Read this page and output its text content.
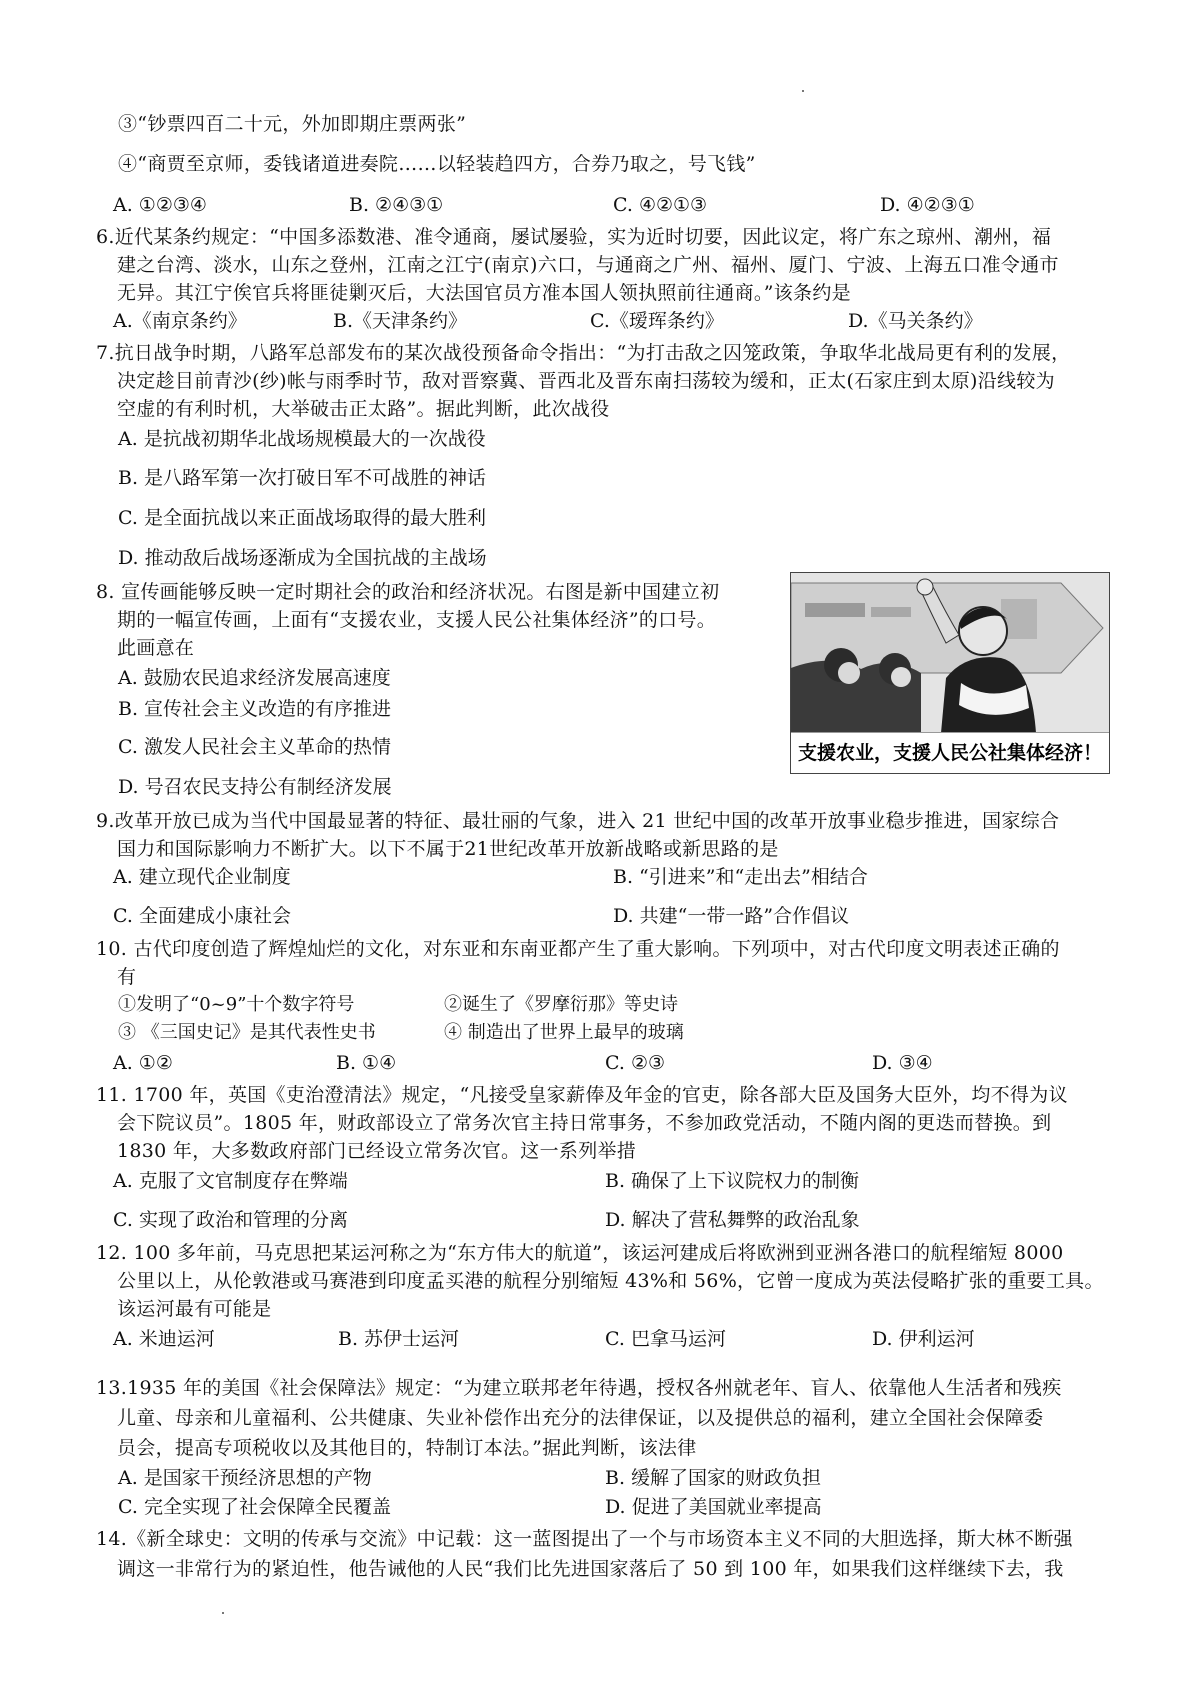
③“钞票四百二十元，外加即期庄票两张”
④“商贾至京师，委钱诸道进奏院……以轻装趋四方，合券乃取之，号飞钱”
A. ①②③④	B. ②④③①	C. ④②①③	D. ④②③①
6.近代某条约规定：“中国多添数港、准令通商，屡试屡验，实为近时切要，因此议定，将广东之琼州、潮州，福
建之台湾、淡水，山东之登州，江南之江宁(南京)六口，与通商之广州、福州、厦门、宁波、上海五口准令通市
无异。其江宁俟官兵将匪徒剿灭后，大法国官员方准本国人领执照前往通商。”该条约是
A.《南京条约》	B.《天津条约》	C.《瑷珲条约》	D.《马关条约》
7.抗日战争时期，八路军总部发布的某次战役预备命令指出：“为打击敌之囚笼政策，争取华北战局更有利的发展，
决定趁目前青沙(纱)帐与雨季时节，敌对晋察冀、晋西北及晋东南扫荡较为缓和，正太(石家庄到太原)沿线较为
空虚的有利时机，大举破击正太路”。据此判断，此次战役
A. 是抗战初期华北战场规模最大的一次战役
B. 是八路军第一次打破日军不可战胜的神话
C. 是全面抗战以来正面战场取得的最大胜利
D. 推动敌后战场逐渐成为全国抗战的主战场
8. 宣传画能够反映一定时期社会的政治和经济状况。右图是新中国建立初
期的一幅宣传画，上面有“支援农业，支援人民公社集体经济”的口号。
此画意在
A. 鼓励农民追求经济发展高速度
B. 宣传社会主义改造的有序推进
C. 激发人民社会主义革命的热情
D. 号召农民支持公有制经济发展
支援农业，支援人民公社集体经济！
9.改革开放已成为当代中国最显著的特征、最壮丽的气象，进入 21 世纪中国的改革开放事业稳步推进，国家综合
国力和国际影响力不断扩大。以下不属于21世纪改革开放新战略或新思路的是
A. 建立现代企业制度	B. “引进来”和“走出去”相结合
C. 全面建成小康社会	D. 共建“一带一路”合作倡议
10. 古代印度创造了辉煌灿烂的文化，对东亚和东南亚都产生了重大影响。下列项中，对古代印度文明表述正确的
有
①发明了“0~9”十个数字符号	②诞生了《罗摩衍那》等史诗
③ 《三国史记》是其代表性史书	④ 制造出了世界上最早的玻璃
A. ①②	B. ①④	C. ②③	D. ③④
11. 1700 年，英国《吏治澄清法》规定，“凡接受皇家薪俸及年金的官吏，除各部大臣及国务大臣外，均不得为议
会下院议员”。1805 年，财政部设立了常务次官主持日常事务，不参加政党活动，不随内阁的更迭而替换。到
1830 年，大多数政府部门已经设立常务次官。这一系列举措
A. 克服了文官制度存在弊端	B. 确保了上下议院权力的制衡
C. 实现了政治和管理的分离	D. 解决了营私舞弊的政治乱象
12. 100 多年前，马克思把某运河称之为“东方伟大的航道”，该运河建成后将欧洲到亚洲各港口的航程缩短 8000
公里以上，从伦敦港或马赛港到印度孟买港的航程分别缩短 43%和 56%，它曾一度成为英法侵略扩张的重要工具。
该运河最有可能是
A. 米迪运河	B. 苏伊士运河	C. 巴拿马运河	D. 伊利运河
13.1935 年的美国《社会保障法》规定：“为建立联邦老年待遇，授权各州就老年、盲人、依靠他人生活者和残疾
儿童、母亲和儿童福利、公共健康、失业补偿作出充分的法律保证，以及提供总的福利，建立全国社会保障委
员会，提高专项税收以及其他目的，特制订本法。”据此判断，该法律
A. 是国家干预经济思想的产物	B. 缓解了国家的财政负担
C. 完全实现了社会保障全民覆盖	D. 促进了美国就业率提高
14.《新全球史：文明的传承与交流》中记载：这一蓝图提出了一个与市场资本主义不同的大胆选择，斯大林不断强
调这一非常行为的紧迫性，他告诫他的人民“我们比先进国家落后了 50 到 100 年，如果我们这样继续下去，我
